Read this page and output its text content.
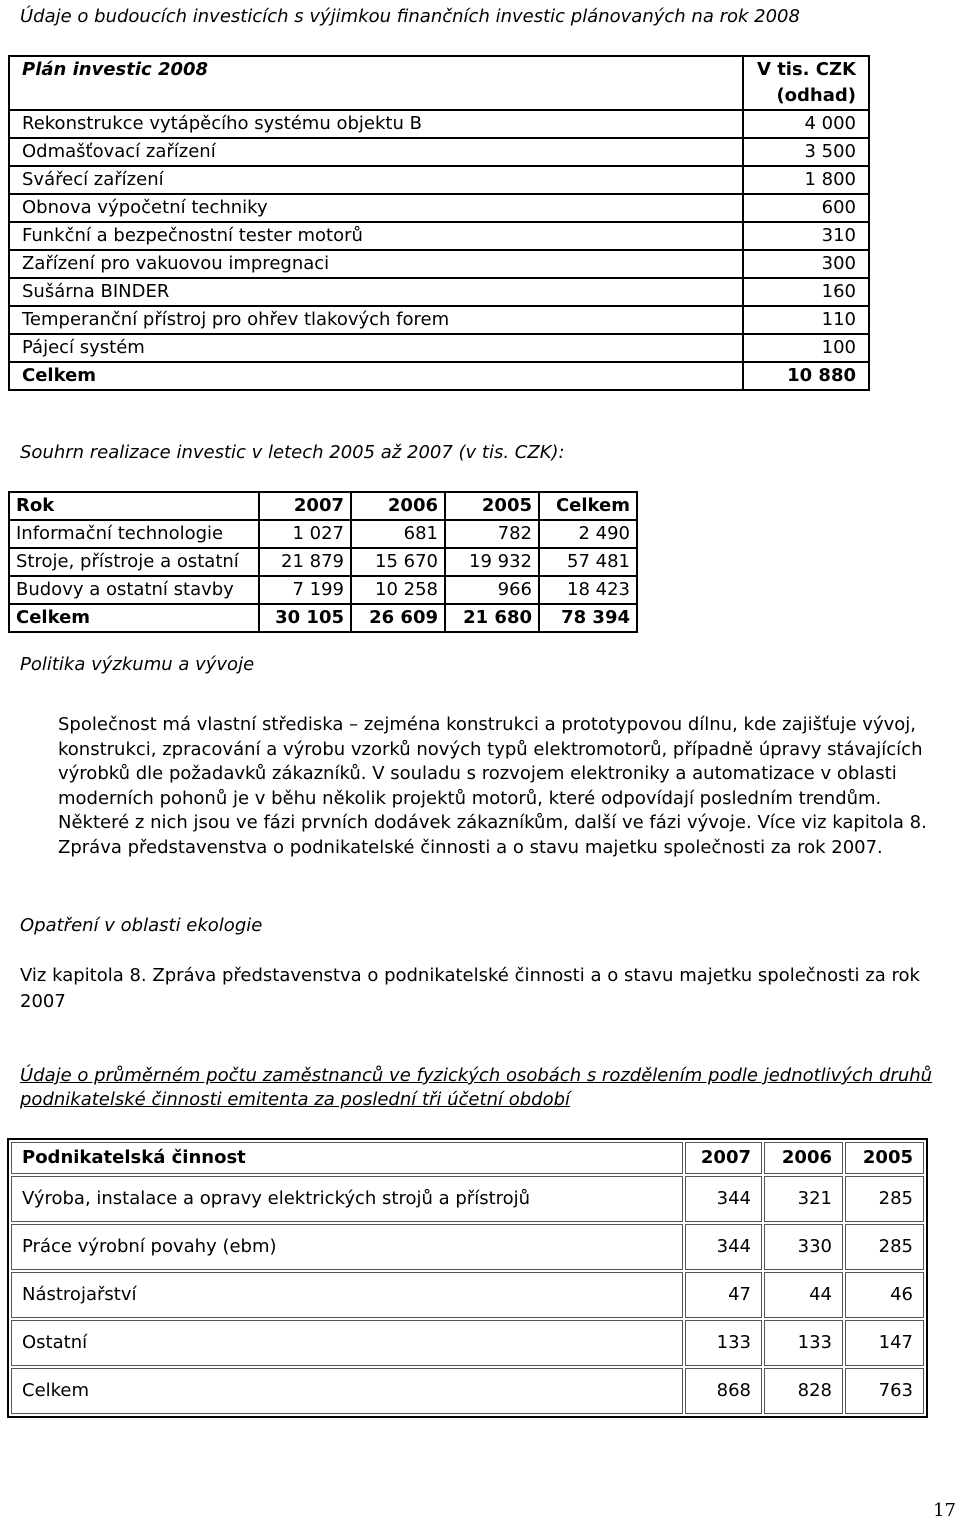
Údaje o budoucích investicích s výjimkou finančních investic plánovaných na rok 2008
Plán investic 2008	V tis. CZK
(odhad)

Rekonstrukce vytápěcího systému objektu B	4 000
Odmašťovací zařízení	3 500
Svářecí zařízení	1 800
Obnova výpočetní techniky	600
Funkční a bezpečnostní tester motorů	310
Zařízení pro vakuovou impregnaci	300
Sušárna BINDER	160
Temperanční přístroj pro ohřev tlakových forem	110
Pájecí systém	100
Celkem	10 880
Souhrn realizace investic v letech 2005 až 2007 (v tis. CZK):
Rok	2007	2006	2005	Celkem
Informační technologie	1 027	681	782	2 490
Stroje, přístroje a ostatní	21 879	15 670	19 932	57 481
Budovy a ostatní stavby	7 199	10 258	966	18 423
Celkem	30 105	26 609	21 680	78 394
Politika výzkumu a vývoje
Společnost má vlastní střediska – zejména konstrukci a prototypovou dílnu, kde zajišťuje vývoj,
konstrukci, zpracování a výrobu vzorků nových typů elektromotorů, případně úpravy stávajících
výrobků dle požadavků zákazníků. V souladu s rozvojem elektroniky a automatizace v oblasti
moderních pohonů je v běhu několik projektů motorů, které odpovídají posledním trendům.
Některé z nich jsou ve fázi prvních dodávek zákazníkům, další ve fázi vývoje. Více viz kapitola 8.
Zpráva představenstva o podnikatelské činnosti a o stavu majetku společnosti za rok 2007.
Opatření v oblasti ekologie
Viz kapitola 8. Zpráva představenstva o podnikatelské činnosti a o stavu majetku společnosti za rok
2007
Údaje o průměrném počtu zaměstnanců ve fyzických osobách s rozdělením podle jednotlivých druhů
podnikatelské činnosti emitenta za poslední tři účetní období
Podnikatelská činnost	2007	2006	2005
Výroba, instalace a opravy elektrických strojů a přístrojů	344	321	285
Práce výrobní povahy (ebm)	344	330	285
Nástrojařství	47	44	46
Ostatní	133	133	147
Celkem	868	828	763
17
